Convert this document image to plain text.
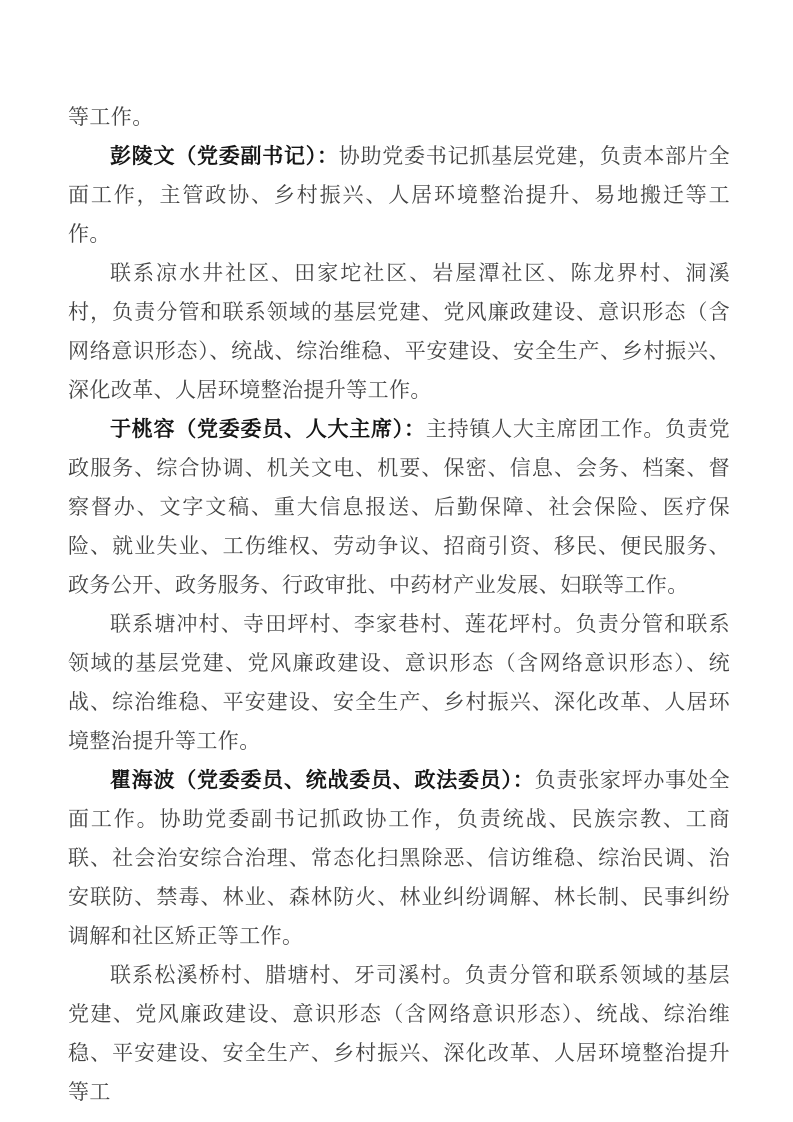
等工作。

彭陵文（党委副书记）：协助党委书记抓基层党建，负责本部片全面工作，主管政协、乡村振兴、人居环境整治提升、易地搬迁等工作。

联系凉水井社区、田家坨社区、岩屋潭社区、陈龙界村、洞溪村，负责分管和联系领域的基层党建、党风廉政建设、意识形态（含网络意识形态）、统战、综治维稳、平安建设、安全生产、乡村振兴、深化改革、人居环境整治提升等工作。

于桃容（党委委员、人大主席）：主持镇人大主席团工作。负责党政服务、综合协调、机关文电、机要、保密、信息、会务、档案、督察督办、文字文稿、重大信息报送、后勤保障、社会保险、医疗保险、就业失业、工伤维权、劳动争议、招商引资、移民、便民服务、政务公开、政务服务、行政审批、中药材产业发展、妇联等工作。

联系塘冲村、寺田坪村、李家巷村、莲花坪村。负责分管和联系领域的基层党建、党风廉政建设、意识形态（含网络意识形态）、统战、综治维稳、平安建设、安全生产、乡村振兴、深化改革、人居环境整治提升等工作。

瞿海波（党委委员、统战委员、政法委员）：负责张家坪办事处全面工作。协助党委副书记抓政协工作，负责统战、民族宗教、工商联、社会治安综合治理、常态化扫黑除恶、信访维稳、综治民调、治安联防、禁毒、林业、森林防火、林业纠纷调解、林长制、民事纠纷调解和社区矫正等工作。

联系松溪桥村、腊塘村、牙司溪村。负责分管和联系领域的基层党建、党风廉政建设、意识形态（含网络意识形态）、统战、综治维稳、平安建设、安全生产、乡村振兴、深化改革、人居环境整治提升等工
